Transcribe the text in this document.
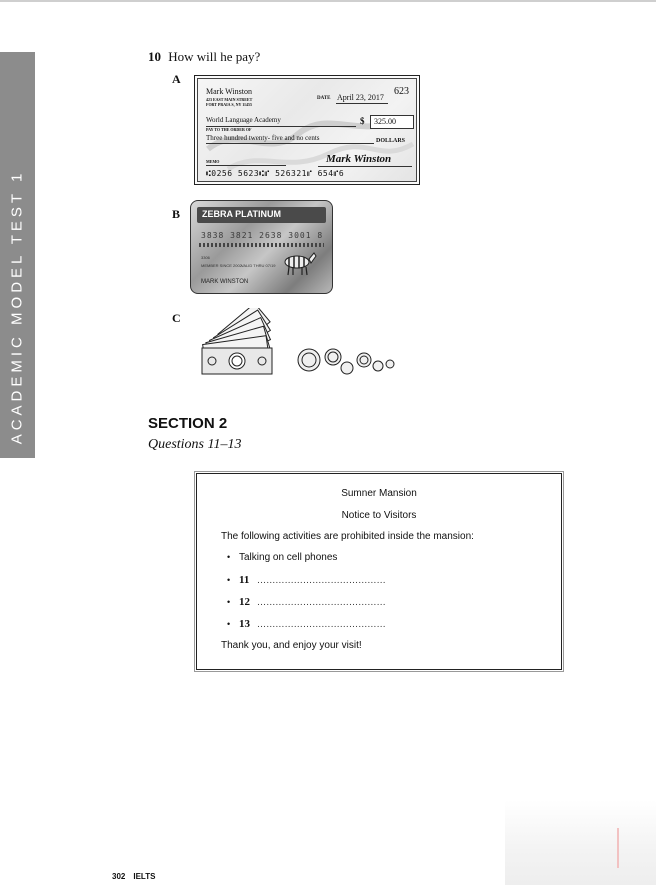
ACADEMIC MODEL TEST 1
10 How will he pay?
A
Mark Winston
423 EAST MAIN STREET
FORT PRAIA S, NY 11455
623
DATE April 23, 2017
World Language Academy
PAY TO THE ORDER OF
$ 325.00
Three hundred twenty- five and no cents	DOLLARS
MEMO	Mark Winston
⑆0256 5623⑆⑈ 526321⑈ 654⑈6
B	ZEBRA PLATINUM
3838 3821 2638 3001 8
3306
MEMBER SINCE 2002 VALID THRU 07/19
MARK WINSTON
C
SECTION 2
Questions 11–13
Sumner Mansion
Notice to Visitors
The following activities are prohibited inside the mansion:
• Talking on cell phones
• 11 ……………………………………
• 12 ……………………………………
• 13 ……………………………………
Thank you, and enjoy your visit!
302 IELTS
